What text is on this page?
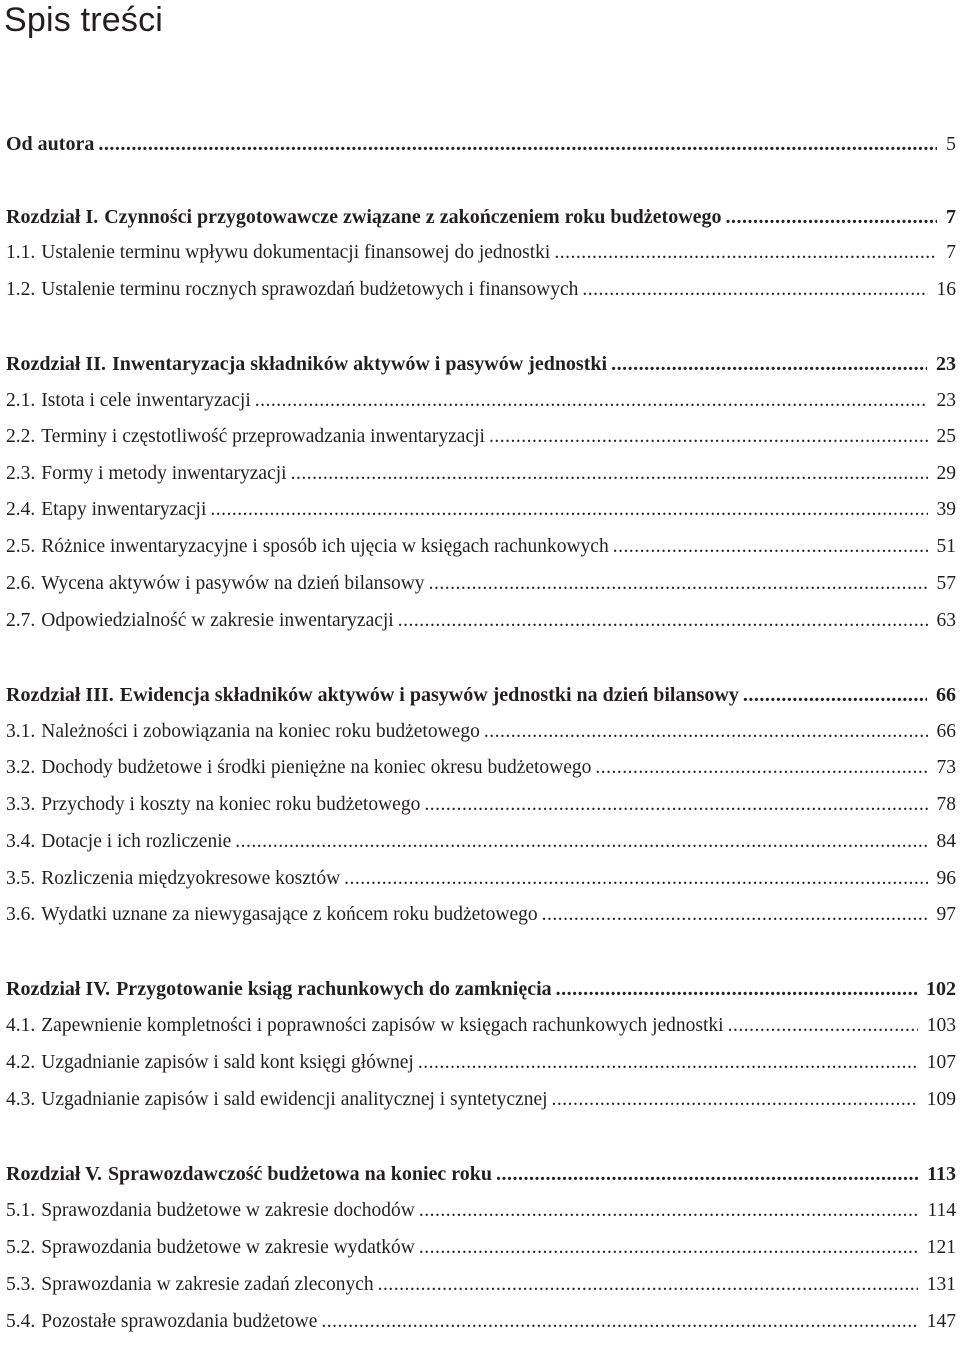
Spis treści
Od autora .....	5
Rozdział I. Czynności przygotowawcze związane z zakończeniem roku budżetowego .....	7
1.1. Ustalenie terminu wpływu dokumentacji finansowej do jednostki .....	7
1.2. Ustalenie terminu rocznych sprawozdań budżetowych i finansowych .....	16
Rozdział II. Inwentaryzacja składników aktywów i pasywów jednostki .....	23
2.1. Istota i cele inwentaryzacji .....	23
2.2. Terminy i częstotliwość przeprowadzania inwentaryzacji .....	25
2.3. Formy i metody inwentaryzacji .....	29
2.4. Etapy inwentaryzacji .....	39
2.5. Różnice inwentaryzacyjne i sposób ich ujęcia w księgach rachunkowych .....	51
2.6. Wycena aktywów i pasywów na dzień bilansowy .....	57
2.7. Odpowiedzialność w zakresie inwentaryzacji .....	63
Rozdział III. Ewidencja składników aktywów i pasywów jednostki na dzień bilansowy .....	66
3.1. Należności i zobowiązania na koniec roku budżetowego .....	66
3.2. Dochody budżetowe i środki pieniężne na koniec okresu budżetowego .....	73
3.3. Przychody i koszty na koniec roku budżetowego .....	78
3.4. Dotacje i ich rozliczenie .....	84
3.5. Rozliczenia międzyokresowe kosztów .....	96
3.6. Wydatki uznane za niewygasające z końcem roku budżetowego .....	97
Rozdział IV. Przygotowanie ksiąg rachunkowych do zamknięcia .....	102
4.1. Zapewnienie kompletności i poprawności zapisów w księgach rachunkowych jednostki .....	103
4.2. Uzgadnianie zapisów i sald kont księgi głównej .....	107
4.3. Uzgadnianie zapisów i sald ewidencji analitycznej i syntetycznej .....	109
Rozdział V. Sprawozdawczość budżetowa na koniec roku .....	113
5.1. Sprawozdania budżetowe w zakresie dochodów .....	114
5.2. Sprawozdania budżetowe w zakresie wydatków .....	121
5.3. Sprawozdania w zakresie zadań zleconych .....	131
5.4. Pozostałe sprawozdania budżetowe .....	147
